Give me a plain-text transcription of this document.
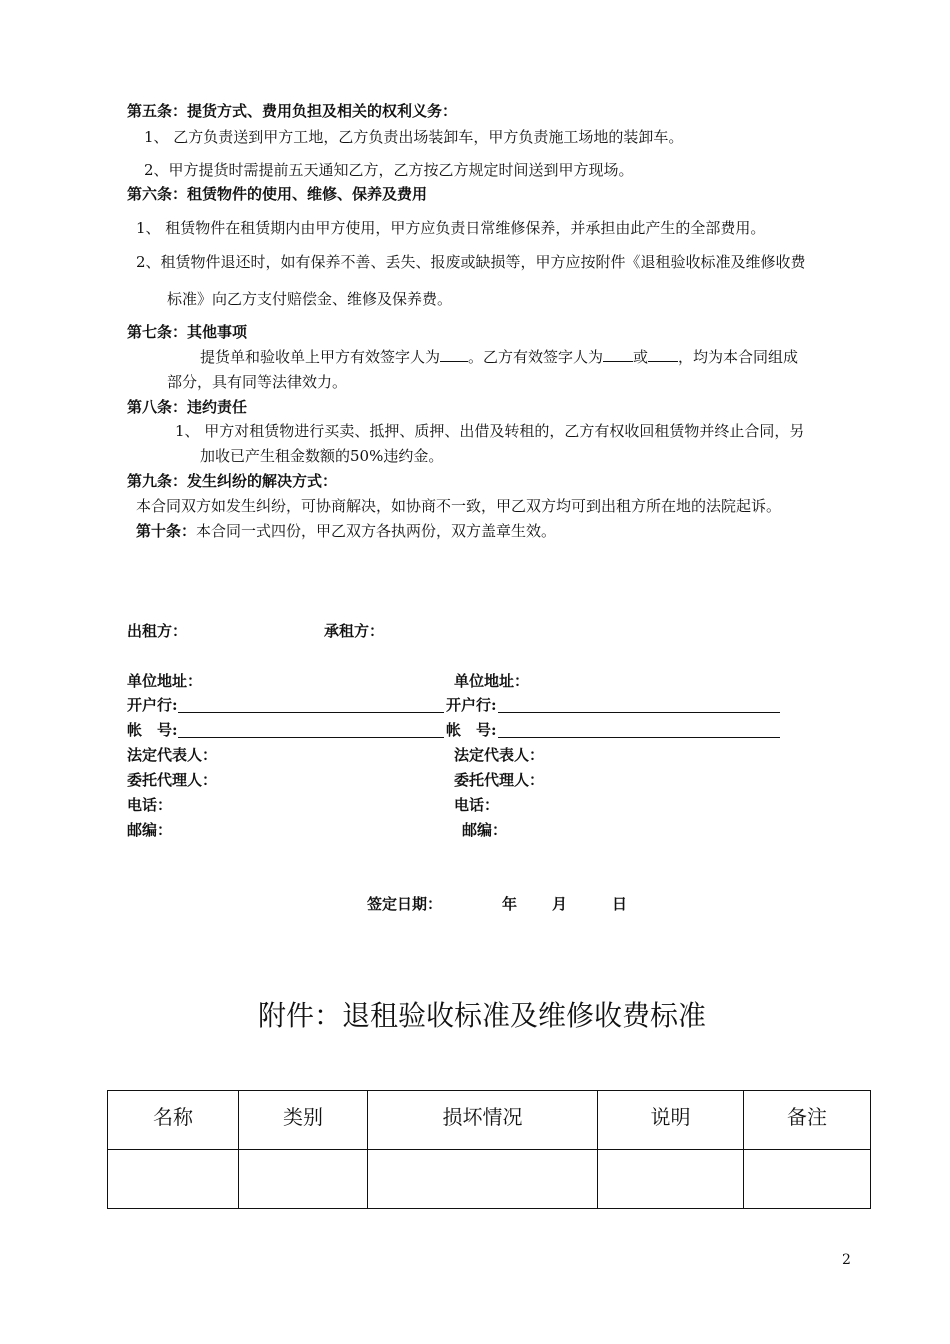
第五条：提货方式、费用负担及相关的权利义务：
1、 乙方负责送到甲方工地，乙方负责出场装卸车，甲方负责施工场地的装卸车。
2、甲方提货时需提前五天通知乙方，乙方按乙方规定时间送到甲方现场。
第六条：租赁物件的使用、维修、保养及费用
1、 租赁物件在租赁期内由甲方使用，甲方应负责日常维修保养，并承担由此产生的全部费用。
2、租赁物件退还时，如有保养不善、丢失、报废或缺损等，甲方应按附件《退租验收标准及维修收费
标准》向乙方支付赔偿金、维修及保养费。
第七条：其他事项
提货单和验收单上甲方有效签字人为 。乙方有效签字人为 或 ，均为本合同组成
部分，具有同等法律效力。
第八条：违约责任
1、 甲方对租赁物进行买卖、抵押、质押、出借及转租的，乙方有权收回租赁物并终止合同，另
加收已产生租金数额的50%违约金。
第九条：发生纠纷的解决方式：
本合同双方如发生纠纷，可协商解决，如协商不一致，甲乙双方均可到出租方所在地的法院起诉。
第十条：本合同一式四份，甲乙双方各执两份，双方盖章生效。
出租方：	承租方：
单位地址：	单位地址：
开户行:	开户行:
帐　号:	帐　号:
法定代表人：	法定代表人：
委托代理人：	委托代理人：
电话：	电话：
邮编：	邮编：
签定日期：	年 月	日
附件：退租验收标准及维修收费标准
名称	类别	损坏情况	说明	备注

2
